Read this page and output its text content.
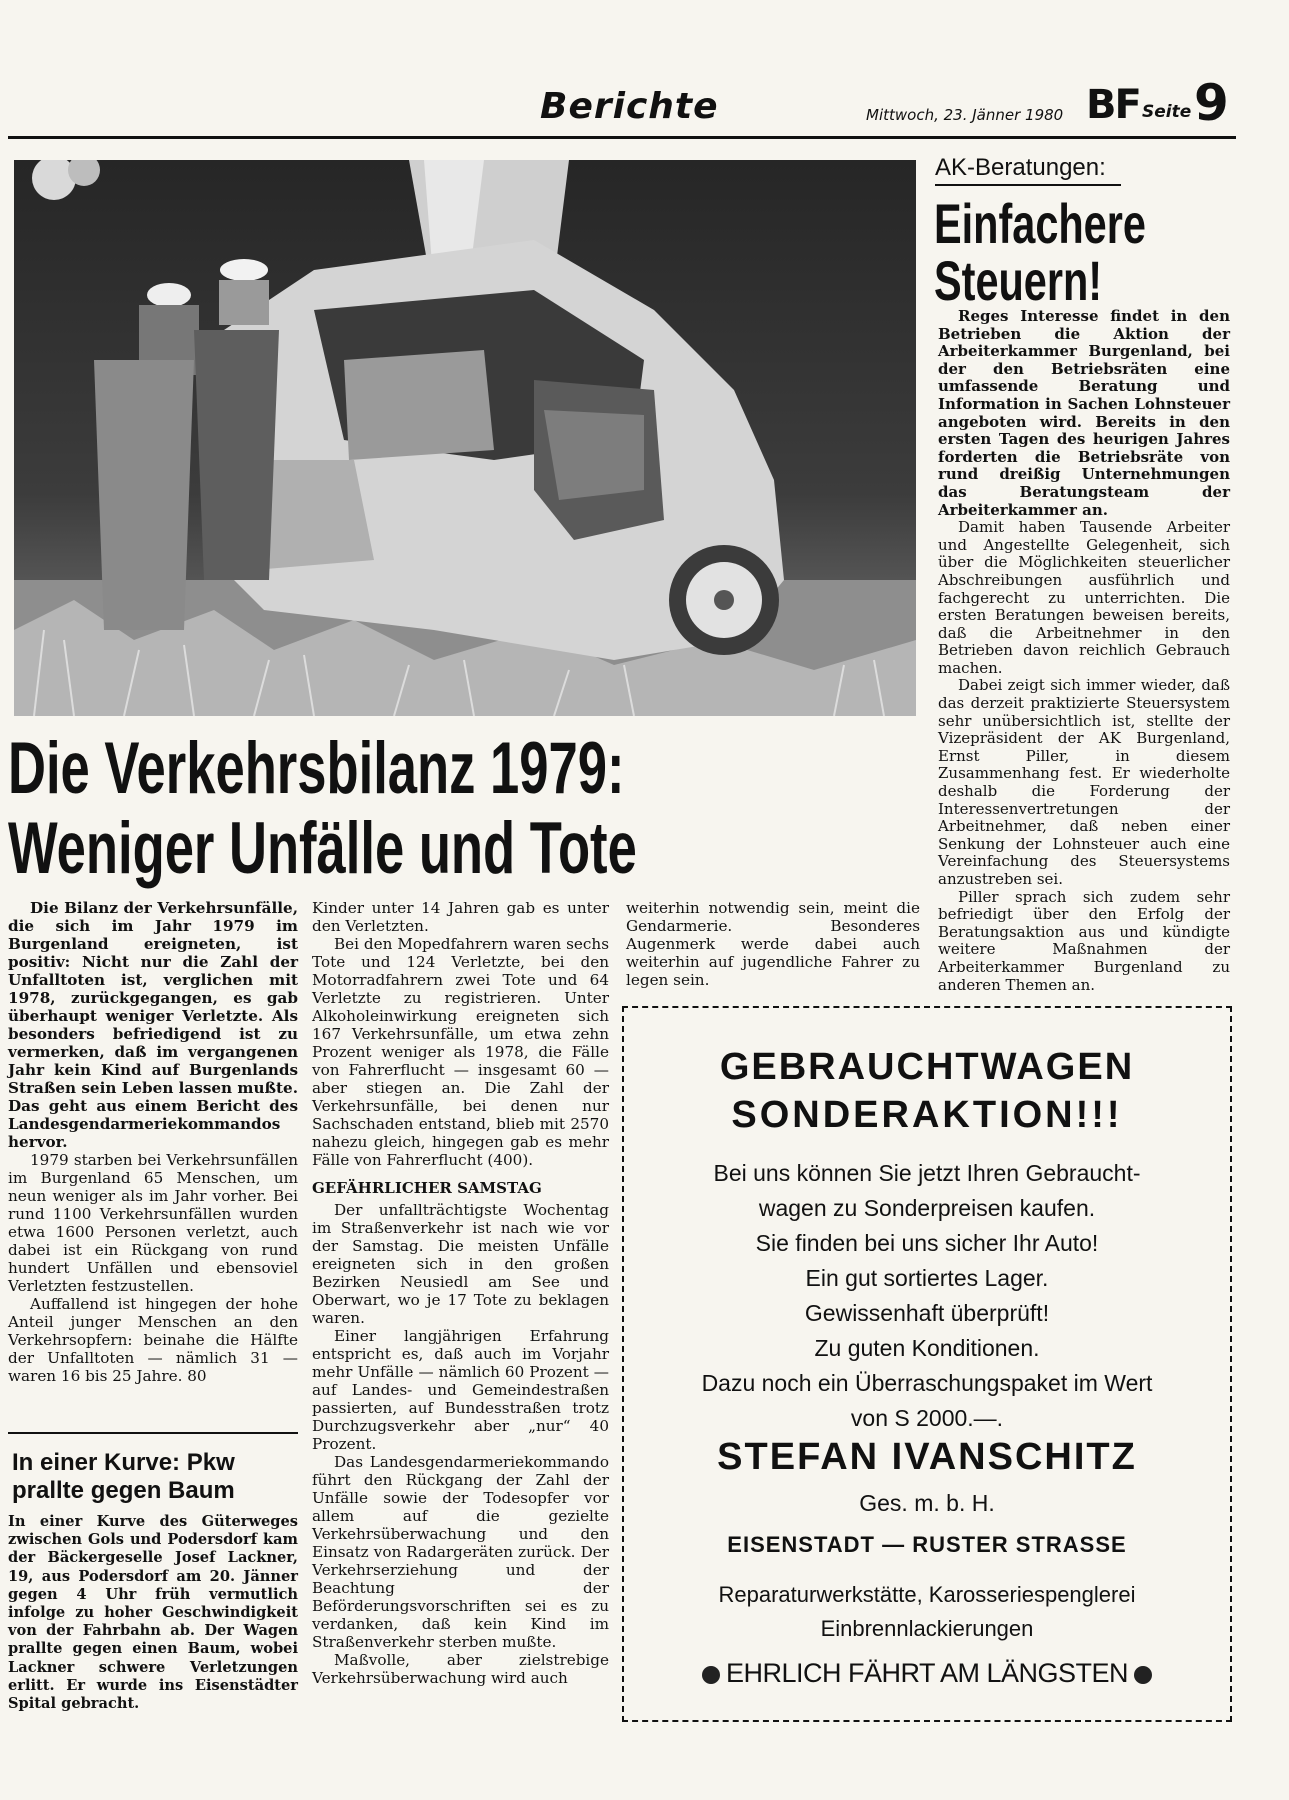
Berichte	Mittwoch, 23. Jänner 1980 BF Seite 9
Die Verkehrsbilanz 1979:
Weniger Unfälle und Tote

Die Bilanz der Verkehrsunfälle, die sich im Jahr 1979 im Burgenland ereigneten, ist positiv: Nicht nur die Zahl der Unfalltoten ist, verglichen mit 1978, zurückgegangen, es gab überhaupt weniger Verletzte. Als besonders befriedigend ist zu vermerken, daß im vergangenen Jahr kein Kind auf Burgenlands Straßen sein Leben lassen mußte. Das geht aus einem Bericht des Landesgendarmeriekommandos hervor.

1979 starben bei Verkehrsunfällen im Burgenland 65 Menschen, um neun weniger als im Jahr vorher. Bei rund 1100 Verkehrsunfällen wurden etwa 1600 Personen verletzt, auch dabei ist ein Rückgang von rund hundert Unfällen und ebensoviel Verletzten festzustellen.

Auffallend ist hingegen der hohe Anteil junger Menschen an den Verkehrsopfern: beinahe die Hälfte der Unfalltoten — nämlich 31 — waren 16 bis 25 Jahre. 80

Kinder unter 14 Jahren gab es unter den Verletzten.

Bei den Mopedfahrern waren sechs Tote und 124 Verletzte, bei den Motorradfahrern zwei Tote und 64 Verletzte zu registrieren. Unter Alkoholeinwirkung ereigneten sich 167 Verkehrsunfälle, um etwa zehn Prozent weniger als 1978, die Fälle von Fahrerflucht — insgesamt 60 — aber stiegen an. Die Zahl der Verkehrsunfälle, bei denen nur Sachschaden entstand, blieb mit 2570 nahezu gleich, hingegen gab es mehr Fälle von Fahrerflucht (400).

GEFÄHRLICHER SAMSTAG

Der unfallträchtigste Wochentag im Straßenverkehr ist nach wie vor der Samstag. Die meisten Unfälle ereigneten sich in den großen Bezirken Neusiedl am See und Oberwart, wo je 17 Tote zu beklagen waren.

Einer langjährigen Erfahrung entspricht es, daß auch im Vorjahr mehr Unfälle — nämlich 60 Prozent — auf Landes- und Gemeindestraßen passierten, auf Bundesstraßen trotz Durchzugsverkehr aber „nur“ 40 Prozent.

Das Landesgendarmeriekommando führt den Rückgang der Zahl der Unfälle sowie der Todesopfer vor allem auf die gezielte Verkehrsüberwachung und den Einsatz von Radargeräten zurück. Der Verkehrserziehung und der Beachtung der Beförderungsvorschriften sei es zu verdanken, daß kein Kind im Straßenverkehr sterben mußte.

Maßvolle, aber zielstrebige Verkehrsüberwachung wird auch

weiterhin notwendig sein, meint die Gendarmerie. Besonderes Augenmerk werde dabei auch weiterhin auf jugendliche Fahrer zu legen sein.

In einer Kurve: Pkw prallte gegen Baum
In einer Kurve des Güterweges zwischen Gols und Podersdorf kam der Bäckergeselle Josef Lackner, 19, aus Podersdorf am 20. Jänner gegen 4 Uhr früh vermutlich infolge zu hoher Geschwindigkeit von der Fahrbahn ab. Der Wagen prallte gegen einen Baum, wobei Lackner schwere Verletzungen erlitt. Er wurde ins Eisenstädter Spital gebracht.
AK-Beratungen:
Einfachere
Steuern!

Reges Interesse findet in den Betrieben die Aktion der Arbeiterkammer Burgenland, bei der den Betriebsräten eine umfassende Beratung und Information in Sachen Lohnsteuer angeboten wird. Bereits in den ersten Tagen des heurigen Jahres forderten die Betriebsräte von rund dreißig Unternehmungen das Beratungsteam der Arbeiterkammer an.

Damit haben Tausende Arbeiter und Angestellte Gelegenheit, sich über die Möglichkeiten steuerlicher Abschreibungen ausführlich und fachgerecht zu unterrichten. Die ersten Beratungen beweisen bereits, daß die Arbeitnehmer in den Betrieben davon reichlich Gebrauch machen.

Dabei zeigt sich immer wieder, daß das derzeit praktizierte Steuersystem sehr unübersichtlich ist, stellte der Vizepräsident der AK Burgenland, Ernst Piller, in diesem Zusammenhang fest. Er wiederholte deshalb die Forderung der Interessenvertretungen der Arbeitnehmer, daß neben einer Senkung der Lohnsteuer auch eine Vereinfachung des Steuersystems anzustreben sei.

Piller sprach sich zudem sehr befriedigt über den Erfolg der Beratungsaktion aus und kündigte weitere Maßnahmen der Arbeiterkammer Burgenland zu anderen Themen an.

GEBRAUCHTWAGEN
SONDERAKTION!!!
Bei uns können Sie jetzt Ihren Gebraucht-
wagen zu Sonderpreisen kaufen.
Sie finden bei uns sicher Ihr Auto!
Ein gut sortiertes Lager.
Gewissenhaft überprüft!
Zu guten Konditionen.
Dazu noch ein Überraschungspaket im Wert
von S 2000.—.
STEFAN IVANSCHITZ
Ges. m. b. H.
EISENSTADT — RUSTER STRASSE
Reparaturwerkstätte, Karosseriespenglerei
Einbrennlackierungen
EHRLICH FÄHRT AM LÄNGSTEN
